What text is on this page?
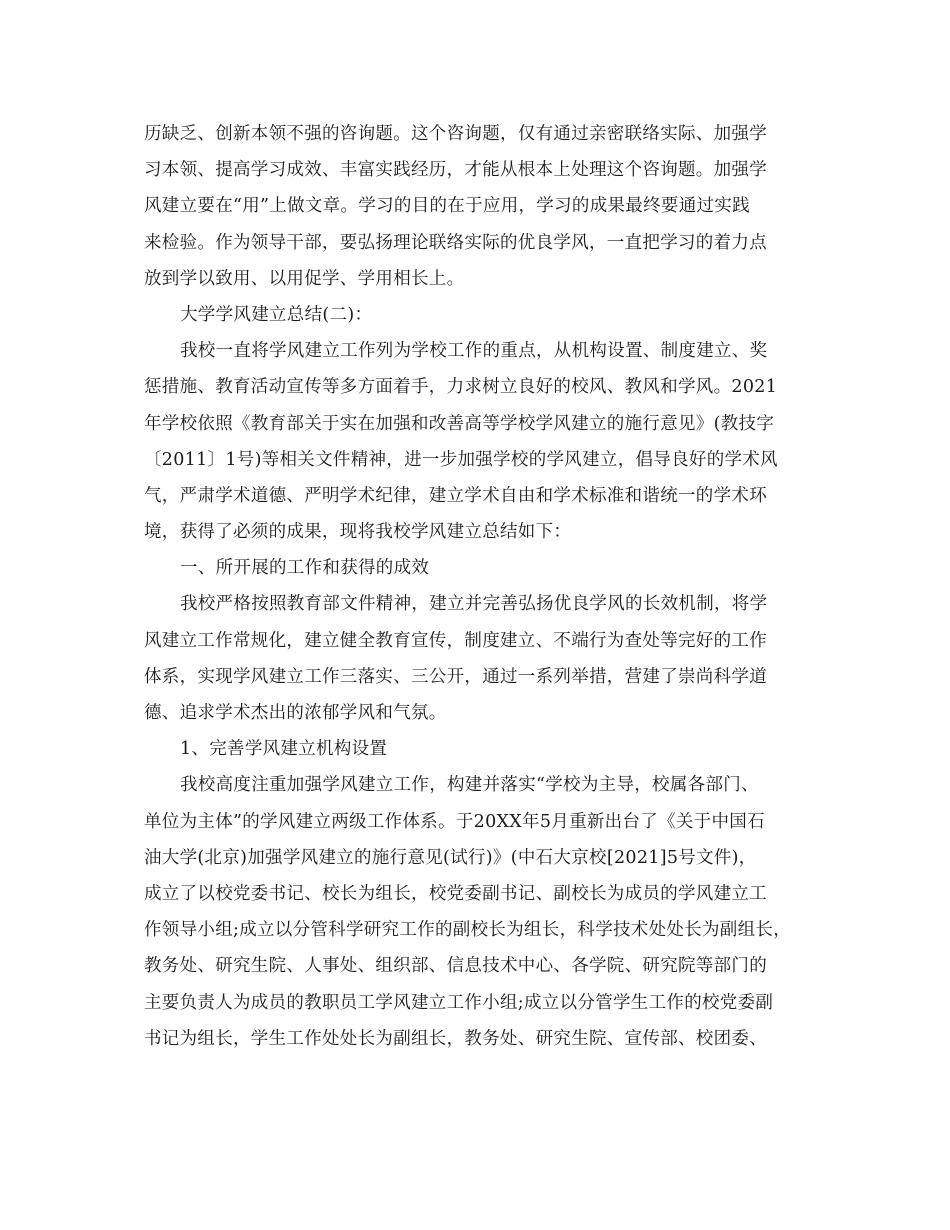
历缺乏、创新本领不强的咨询题。这个咨询题，仅有通过亲密联络实际、加强学
习本领、提高学习成效、丰富实践经历，才能从根本上处理这个咨询题。加强学
风建立要在“用”上做文章。学习的目的在于应用，学习的成果最终要通过实践
来检验。作为领导干部，要弘扬理论联络实际的优良学风，一直把学习的着力点
放到学以致用、以用促学、学用相长上。
大学学风建立总结(二)：
我校一直将学风建立工作列为学校工作的重点，从机构设置、制度建立、奖
惩措施、教育活动宣传等多方面着手，力求树立良好的校风、教风和学风。2021
年学校依照《教育部关于实在加强和改善高等学校学风建立的施行意见》(教技字
〔2011〕1号)等相关文件精神，进一步加强学校的学风建立，倡导良好的学术风
气，严肃学术道德、严明学术纪律，建立学术自由和学术标准和谐统一的学术环
境，获得了必须的成果，现将我校学风建立总结如下：
一、所开展的工作和获得的成效
我校严格按照教育部文件精神，建立并完善弘扬优良学风的长效机制，将学
风建立工作常规化，建立健全教育宣传，制度建立、不端行为查处等完好的工作
体系，实现学风建立工作三落实、三公开，通过一系列举措，营建了崇尚科学道
德、追求学术杰出的浓郁学风和气氛。
1、完善学风建立机构设置
我校高度注重加强学风建立工作，构建并落实“学校为主导，校属各部门、
单位为主体”的学风建立两级工作体系。于20XX年5月重新出台了《关于中国石
油大学(北京)加强学风建立的施行意见(试行)》(中石大京校[2021]5号文件)，
成立了以校党委书记、校长为组长，校党委副书记、副校长为成员的学风建立工
作领导小组;成立以分管科学研究工作的副校长为组长，科学技术处处长为副组长，
教务处、研究生院、人事处、组织部、信息技术中心、各学院、研究院等部门的
主要负责人为成员的教职员工学风建立工作小组;成立以分管学生工作的校党委副
书记为组长，学生工作处处长为副组长，教务处、研究生院、宣传部、校团委、
